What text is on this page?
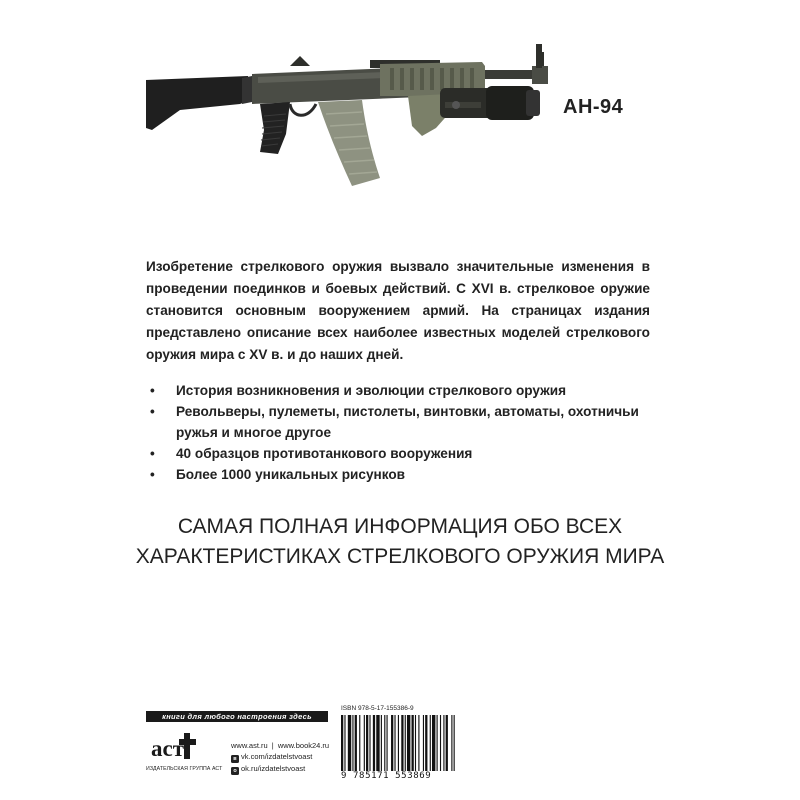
АН-94

Изобретение стрелкового оружия вызвало значительные изменения в проведении поединков и боевых действий. С XVI в. стрелковое оружие становится основным вооружением армий. На страницах издания представлено описание всех наиболее известных моделей стрелкового оружия мира с XV в. и до наших дней.

• История возникновения и эволюции стрелкового оружия
• Револьверы, пулеметы, пистолеты, винтовки, автоматы, охотничьи ружья и многое другое
• 40 образцов противотанкового вооружения
• Более 1000 уникальных рисунков
САМАЯ ПОЛНАЯ ИНФОРМАЦИЯ ОБО ВСЕХ
ХАРАКТЕРИСТИКАХ СТРЕЛКОВОГО ОРУЖИЯ МИРА
книги для любого настроения здесь
аст
ИЗДАТЕЛЬСКАЯ ГРУППА АСТ
www.ast.ru | www.book24.ru
в vk.com/izdatelstvoast
o ok.ru/izdatelstvoast
ISBN 978-5-17-155386-9
9 785171 553869
